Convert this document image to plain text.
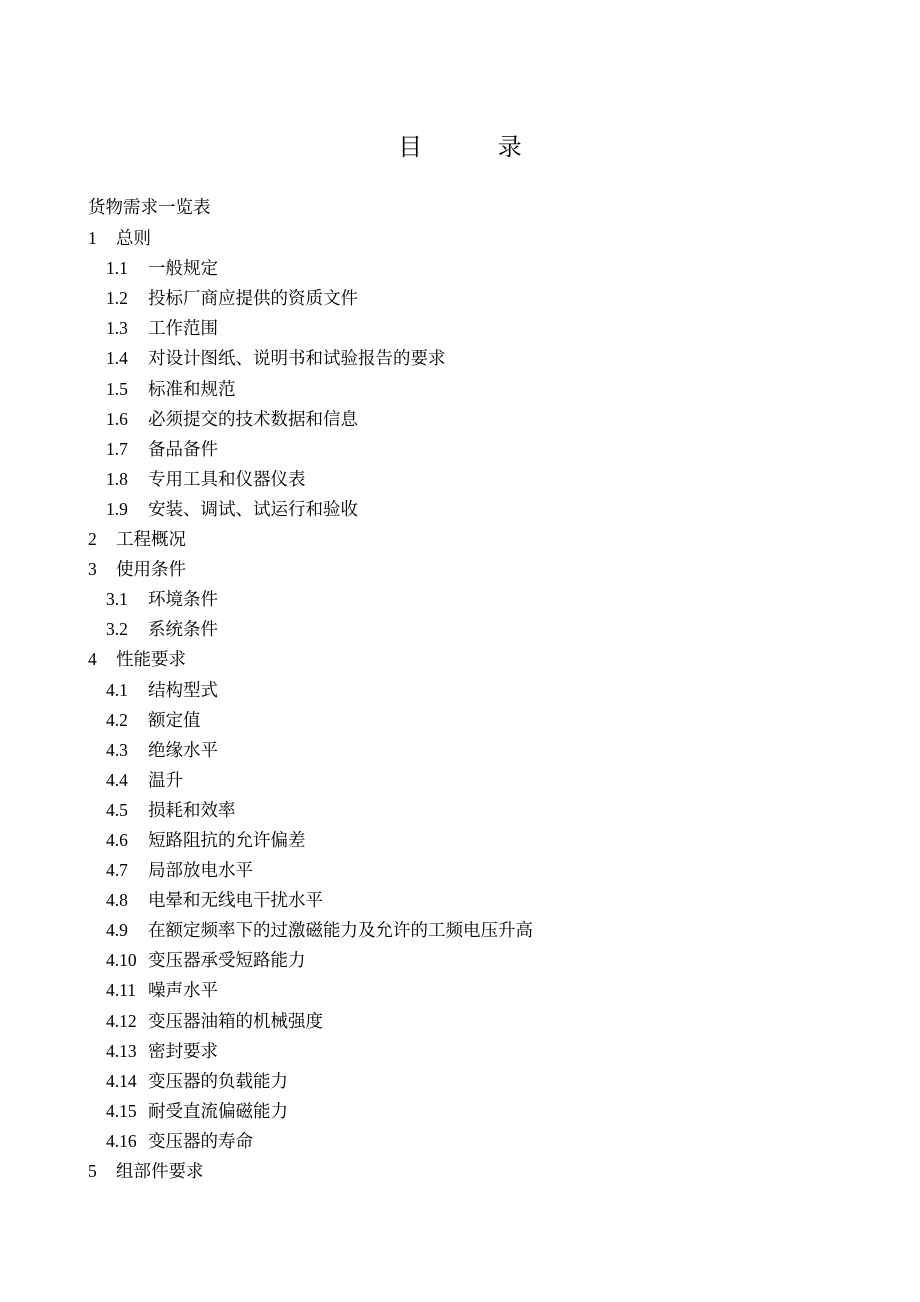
目 录
货物需求一览表
1 总则
1.1 一般规定
1.2 投标厂商应提供的资质文件
1.3 工作范围
1.4 对设计图纸、说明书和试验报告的要求
1.5 标准和规范
1.6 必须提交的技术数据和信息
1.7 备品备件
1.8 专用工具和仪器仪表
1.9 安装、调试、试运行和验收
2 工程概况
3 使用条件
3.1 环境条件
3.2 系统条件
4 性能要求
4.1 结构型式
4.2 额定值
4.3 绝缘水平
4.4 温升
4.5 损耗和效率
4.6 短路阻抗的允许偏差
4.7 局部放电水平
4.8 电晕和无线电干扰水平
4.9 在额定频率下的过激磁能力及允许的工频电压升高
4.10 变压器承受短路能力
4.11 噪声水平
4.12 变压器油箱的机械强度
4.13 密封要求
4.14 变压器的负载能力
4.15 耐受直流偏磁能力
4.16 变压器的寿命
5 组部件要求
